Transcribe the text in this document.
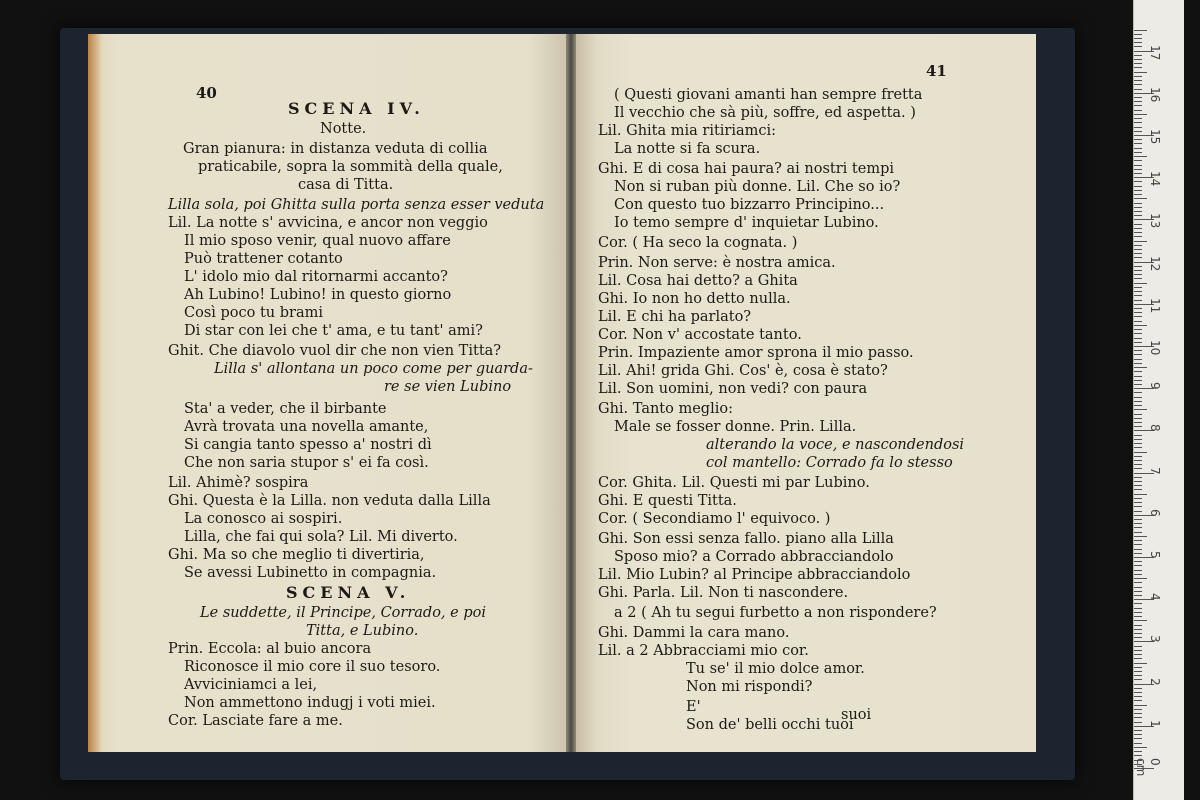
40
SCENA IV.
Notte.
Gran pianura: in distanza veduta di collia
praticabile, sopra la sommità della quale,
casa di Titta.
Lilla sola, poi Ghitta sulla porta senza esser veduta
Lil. La notte s' avvicina, e ancor non veggio
Il mio sposo venir, qual nuovo affare
Può trattener cotanto
L' idolo mio dal ritornarmi accanto?
Ah Lubino! Lubino! in questo giorno
Così poco tu brami
Di star con lei che t' ama, e tu tant' ami?
Ghit. Che diavolo vuol dir che non vien Titta?
Lilla s' allontana un poco come per guarda-
re se vien Lubino
Sta' a veder, che il birbante
Avrà trovata una novella amante,
Si cangia tanto spesso a' nostri dì
Che non saria stupor s' ei fa così.
Lil. Ahimè? sospira
Ghi. Questa è la Lilla. non veduta dalla Lilla
La conosco ai sospiri.
Lilla, che fai qui sola? Lil. Mi diverto.
Ghi. Ma so che meglio ti divertiria,
Se avessi Lubinetto in compagnia.
SCENA V.
Le suddette, il Principe, Corrado, e poi
Titta, e Lubino.
Prin. Eccola: al buio ancora
Riconosce il mio core il suo tesoro.
Avviciniamci a lei,
Non ammettono indugj i voti miei.
Cor. Lasciate fare a me.
41
( Questi giovani amanti han sempre fretta
Il vecchio che sà più, soffre, ed aspetta. )
Lil. Ghita mia ritiriamci:
La notte si fa scura.
Ghi. E di cosa hai paura? ai nostri tempi
Non si ruban più donne. Lil. Che so io?
Con questo tuo bizzarro Principino...
Io temo sempre d' inquietar Lubino.
Cor. ( Ha seco la cognata. )
Prin. Non serve: è nostra amica.
Lil. Cosa hai detto? a Ghita
Ghi. Io non ho detto nulla.
Lil. E chi ha parlato?
Cor. Non v' accostate tanto.
Prin. Impaziente amor sprona il mio passo.
Lil. Ahi! grida Ghi. Cos' è, cosa è stato?
Lil. Son uomini, non vedi? con paura
Ghi. Tanto meglio:
Male se fosser donne. Prin. Lilla.
alterando la voce, e nascondendosi
col mantello: Corrado fa lo stesso
Cor. Ghita. Lil. Questi mi par Lubino.
Ghi. E questi Titta.
Cor. ( Secondiamo l' equivoco. )
Ghi. Son essi senza fallo. piano alla Lilla
Sposo mio? a Corrado abbracciandolo
Lil. Mio Lubin? al Principe abbracciandolo
Ghi. Parla. Lil. Non ti nascondere.
a 2 ( Ah tu segui furbetto a non rispondere?
Ghi. Dammi la cara mano.
Lil. a 2 Abbracciami mio cor.
Tu se' il mio dolce amor.
Non mi rispondi?
E'
Son de' belli occhi tuoi
suoi
1
2
3
4
5
6
7
8
9
10
11
12
13
14
15
16
17
0 cm
